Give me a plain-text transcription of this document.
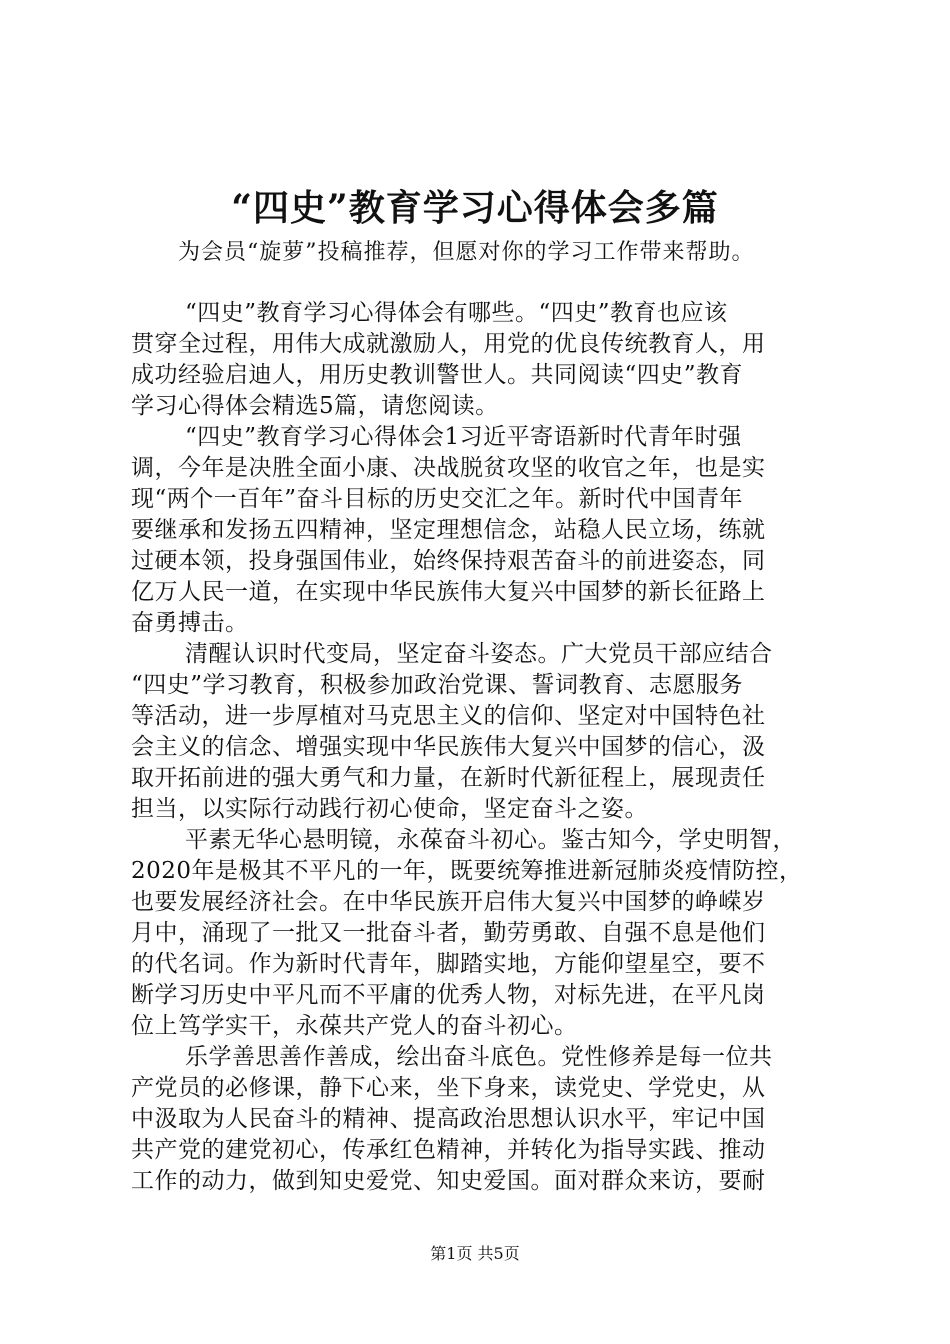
“四史”教育学习心得体会多篇

为会员“旋萝”投稿推荐，但愿对你的学习工作带来帮助。

“四史”教育学习心得体会有哪些。“四史”教育也应该
贯穿全过程，用伟大成就激励人，用党的优良传统教育人，用
成功经验启迪人，用历史教训警世人。共同阅读“四史”教育
学习心得体会精选5篇，请您阅读。
“四史”教育学习心得体会1习近平寄语新时代青年时强
调，今年是决胜全面小康、决战脱贫攻坚的收官之年，也是实
现“两个一百年”奋斗目标的历史交汇之年。新时代中国青年
要继承和发扬五四精神，坚定理想信念，站稳人民立场，练就
过硬本领，投身强国伟业，始终保持艰苦奋斗的前进姿态，同
亿万人民一道，在实现中华民族伟大复兴中国梦的新长征路上
奋勇搏击。
清醒认识时代变局，坚定奋斗姿态。广大党员干部应结合
“四史”学习教育，积极参加政治党课、誓词教育、志愿服务
等活动，进一步厚植对马克思主义的信仰、坚定对中国特色社
会主义的信念、增强实现中华民族伟大复兴中国梦的信心，汲
取开拓前进的强大勇气和力量，在新时代新征程上，展现责任
担当，以实际行动践行初心使命，坚定奋斗之姿。
平素无华心悬明镜，永葆奋斗初心。鉴古知今，学史明智，
2020年是极其不平凡的一年，既要统筹推进新冠肺炎疫情防控，
也要发展经济社会。在中华民族开启伟大复兴中国梦的峥嵘岁
月中，涌现了一批又一批奋斗者，勤劳勇敢、自强不息是他们
的代名词。作为新时代青年，脚踏实地，方能仰望星空，要不
断学习历史中平凡而不平庸的优秀人物，对标先进，在平凡岗
位上笃学实干，永葆共产党人的奋斗初心。
乐学善思善作善成，绘出奋斗底色。党性修养是每一位共
产党员的必修课，静下心来，坐下身来，读党史、学党史，从
中汲取为人民奋斗的精神、提高政治思想认识水平，牢记中国
共产党的建党初心，传承红色精神，并转化为指导实践、推动
工作的动力，做到知史爱党、知史爱国。面对群众来访，要耐
第1页 共5页
